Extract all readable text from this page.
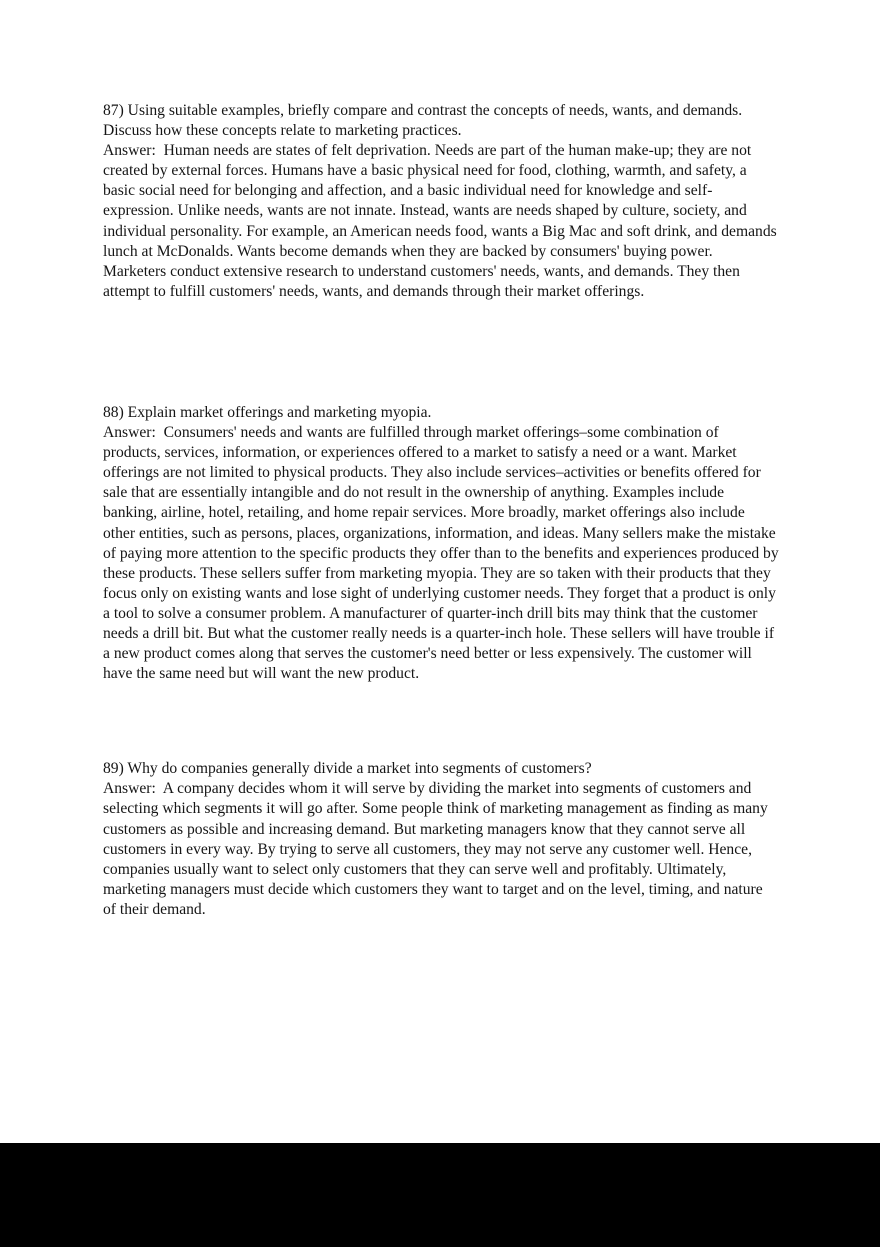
87) Using suitable examples, briefly compare and contrast the concepts of needs, wants, and demands. Discuss how these concepts relate to marketing practices.

Answer:  Human needs are states of felt deprivation. Needs are part of the human make-up; they are not created by external forces. Humans have a basic physical need for food, clothing, warmth, and safety, a basic social need for belonging and affection, and a basic individual need for knowledge and self-expression. Unlike needs, wants are not innate. Instead, wants are needs shaped by culture, society, and individual personality. For example, an American needs food, wants a Big Mac and soft drink, and demands lunch at McDonalds. Wants become demands when they are backed by consumers' buying power. Marketers conduct extensive research to understand customers' needs, wants, and demands. They then attempt to fulfill customers' needs, wants, and demands through their market offerings.

88) Explain market offerings and marketing myopia.

Answer:  Consumers' needs and wants are fulfilled through market offerings–some combination of products, services, information, or experiences offered to a market to satisfy a need or a want. Market offerings are not limited to physical products. They also include services–activities or benefits offered for sale that are essentially intangible and do not result in the ownership of anything. Examples include banking, airline, hotel, retailing, and home repair services. More broadly, market offerings also include other entities, such as persons, places, organizations, information, and ideas. Many sellers make the mistake of paying more attention to the specific products they offer than to the benefits and experiences produced by these products. These sellers suffer from marketing myopia. They are so taken with their products that they focus only on existing wants and lose sight of underlying customer needs. They forget that a product is only a tool to solve a consumer problem. A manufacturer of quarter-inch drill bits may think that the customer needs a drill bit. But what the customer really needs is a quarter-inch hole. These sellers will have trouble if a new product comes along that serves the customer's need better or less expensively. The customer will have the same need but will want the new product.

89) Why do companies generally divide a market into segments of customers?

Answer:  A company decides whom it will serve by dividing the market into segments of customers and selecting which segments it will go after. Some people think of marketing management as finding as many customers as possible and increasing demand. But marketing managers know that they cannot serve all customers in every way. By trying to serve all customers, they may not serve any customer well. Hence, companies usually want to select only customers that they can serve well and profitably. Ultimately, marketing managers must decide which customers they want to target and on the level, timing, and nature of their demand.
